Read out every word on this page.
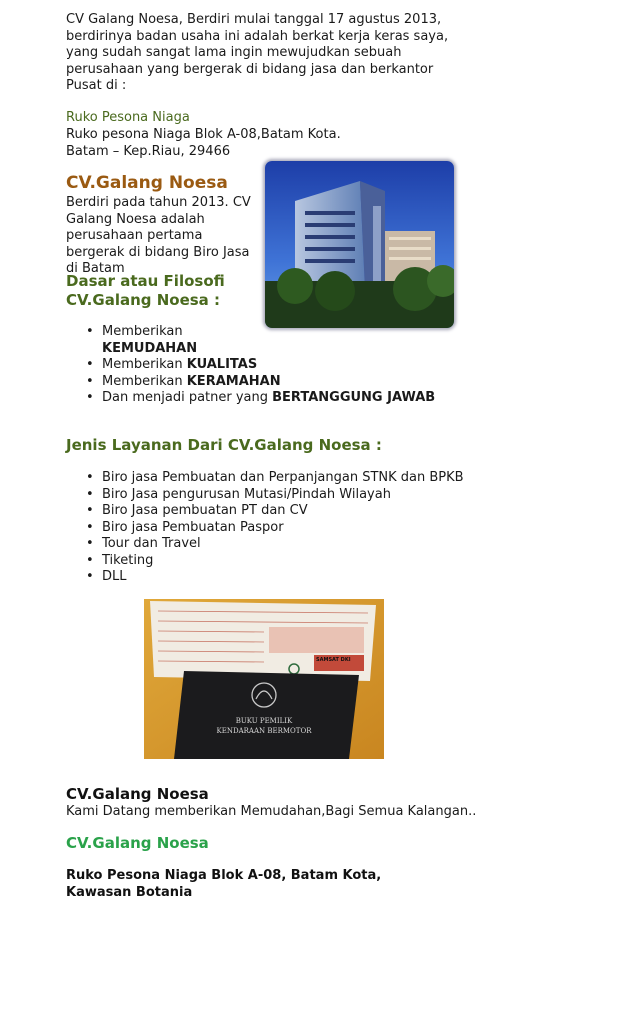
CV Galang Noesa, Berdiri mulai tanggal 17 agustus 2013, berdirinya badan usaha ini adalah berkat kerja keras saya, yang sudah sangat lama ingin mewujudkan sebuah perusahaan yang bergerak di bidang jasa dan berkantor Pusat di :
Ruko Pesona Niaga
Ruko pesona Niaga Blok A-08,Batam Kota.
Batam – Kep.Riau, 29466
CV.Galang Noesa
Berdiri pada tahun 2013. CV Galang Noesa adalah perusahaan pertama bergerak di bidang Biro Jasa di Batam
Dasar atau Filosofi
CV.Galang Noesa :
• Memberikan
KEMUDAHAN
• Memberikan KUALITAS
• Memberikan KERAMAHAN
• Dan menjadi patner yang BERTANGGUNG JAWAB
Jenis Layanan Dari CV.Galang Noesa :
• Biro jasa Pembuatan dan Perpanjangan STNK dan BPKB
• Biro Jasa pengurusan Mutasi/Pindah Wilayah
• Biro Jasa pembuatan PT dan CV
• Biro jasa Pembuatan Paspor
• Tour dan Travel
• Tiketing
• DLL
SAMSAT DKI
BUKU PEMILIK
KENDARAAN BERMOTOR
CV.Galang Noesa
Kami Datang memberikan Memudahan,Bagi Semua Kalangan..
CV.Galang Noesa
Ruko Pesona Niaga Blok A-08, Batam Kota, Kawasan Botania
